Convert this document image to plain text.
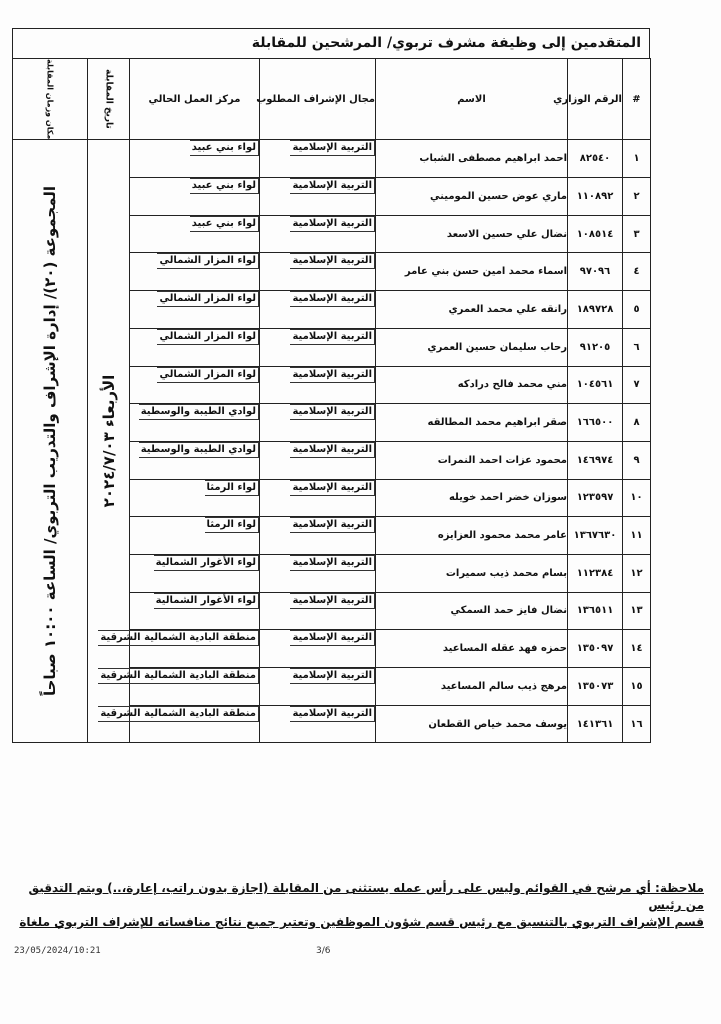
المتقدمين إلى وظيفة مشرف تربوي/ المرشحين للمقابلة
#	الرقم الوزاري	الاسم	مجال الإشراف المطلوب	مركز العمل الحالي	تاريخ المقابلة	مكان وزمان المقابلة

١	٨٢٥٤٠	احمد ابراهيم مصطفى الشباب	التربية الإسلامية	لواء بني عبيد	الأربعاء ٢٠٢٤/٧/٠٣	المجموعة (٢٠)/ إدارة الإشراف والتدريب التربوي/ الساعة ١٠:٠٠ صباحاً

٢	١١٠٨٩٢	ماري عوض حسين الموميني	التربية الإسلامية	لواء بني عبيد		
٣	١٠٨٥١٤	نضال علي حسين الاسعد	التربية الإسلامية	لواء بني عبيد		
٤	٩٧٠٩٦	اسماء محمد امين حسن بني عامر	التربية الإسلامية	لواء المزار الشمالي		
٥	١٨٩٧٢٨	رانقه علي محمد العمري	التربية الإسلامية	لواء المزار الشمالي		
٦	٩١٢٠٥	رحاب سليمان حسين العمري	التربية الإسلامية	لواء المزار الشمالي		
٧	١٠٤٥٦١	مني محمد فالح درادكه	التربية الإسلامية	لواء المزار الشمالي		
٨	١٦٦٥٠٠	صقر ابراهيم محمد المطالقه	التربية الإسلامية	لوادي الطيبة والوسطية		
٩	١٤٦٩٧٤	محمود عزات احمد النمرات	التربية الإسلامية	لوادي الطيبة والوسطية		
١٠	١٢٣٥٩٧	سوزان خضر احمد خويله	التربية الإسلامية	لواء الرمثا		
١١	١٣٦٧٦٣٠	عامر محمد محمود العزايزه	التربية الإسلامية	لواء الرمثا		
١٢	١١٢٣٨٤	بسام محمد ذيب سميرات	التربية الإسلامية	لواء الأغوار الشمالية		
١٣	١٣٦٥١١	نضال فايز حمد السمكي	التربية الإسلامية	لواء الأغوار الشمالية		
١٤	١٣٥٠٩٧	حمزه فهد عقله المساعيد	التربية الإسلامية	منطقة البادية الشمالية الشرقية		
١٥	١٣٥٠٧٣	مرهج ذيب سالم المساعيد	التربية الإسلامية	منطقة البادية الشمالية الشرقية		
١٦	١٤١٣٦١	يوسف محمد خياص القطعان	التربية الإسلامية	منطقة البادية الشمالية الشرقية		
ملاحظة: أي مرشح في القوائم وليس على رأس عمله يستثنى من المقابلة (اجازة بدون راتب، إعارة،..) ويتم التدقيق من رئيس
قسم الإشراف التربوي بالتنسيق مع رئيس قسم شؤون الموظفين وتعتبر جميع نتائج منافساته للإشراف التربوي ملغاة
23/05/2024/10:21	3/6
